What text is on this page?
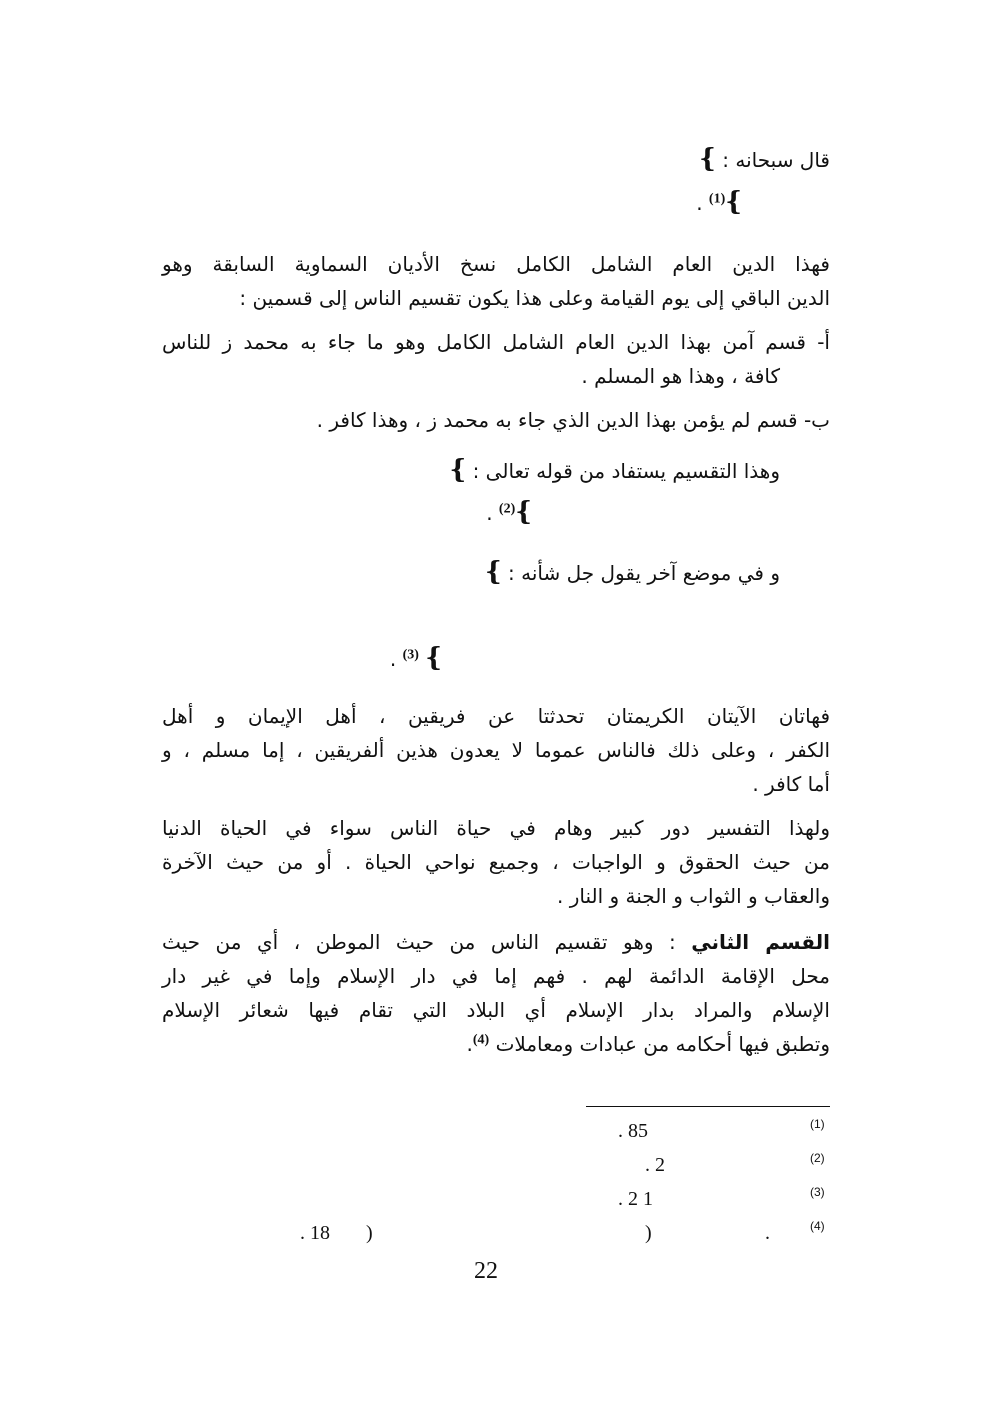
قال سبحانه : }
}$^{(1)}$ .
فهذا الدين العام الشامل الكامل نسخ الأديان السماوية السابقة وهو
الدين الباقي إلى يوم القيامة وعلى هذا يكون تقسيم الناس إلى قسمين :
أ- قسم آمن بهذا الدين العام الشامل الكامل وهو ما جاء به محمد ز للناس
كافة ، وهذا هو المسلم .
ب- قسم لم يؤمن بهذا الدين الذي جاء به محمد ز ، وهذا كافر .
وهذا التقسيم يستفاد من قوله تعالى : }
}$^{(2)}$ .
و في موضع آخر يقول جل شأنه : }
} $^{(3)}$ .
فهاتان الآيتان الكريمتان تحدثتا عن فريقين ، أهل الإيمان و أهل
الكفر ، وعلى ذلك فالناس عموما لا يعدون هذين ألفريقين ، إما مسلم ، و
أما كافر .
ولهذا التفسير دور كبير وهام في حياة الناس سواء في الحياة الدنيا
من حيث الحقوق و الواجبات ، وجميع نواحي الحياة . أو من حيث الآخرة
والعقاب و الثواب و الجنة و النار .
القسم الثاني : وهو تقسيم الناس من حيث الموطن ، أي من حيث
محل الإقامة الدائمة لهم . فهم إما في دار الإسلام وإما في غير دار
الإسلام والمراد بدار الإسلام أي البلاد التي تقام فيها شعائر الإسلام
وتطبق فيها أحكامه من عبادات ومعاملات $^{(4)}$.
(1)
. 85
(2)
. 2
(3)
. 2 1
(4)
.
)
)
. 18
22
